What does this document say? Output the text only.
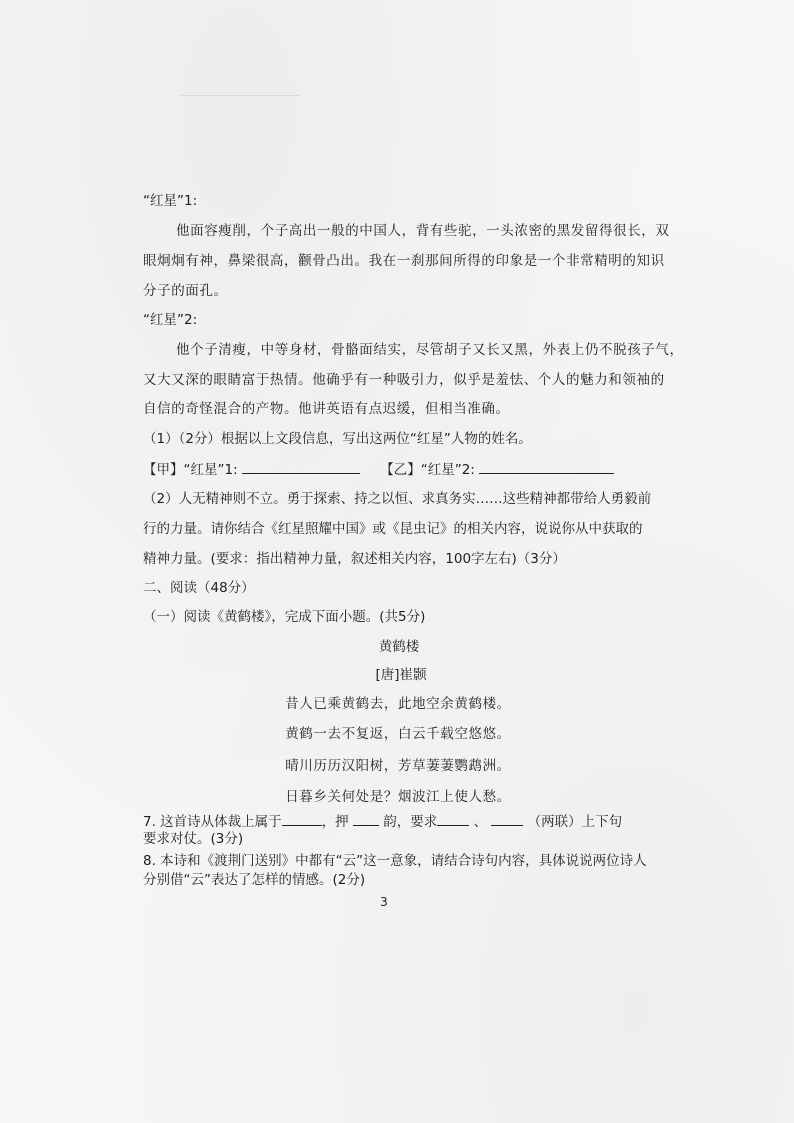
“红星”1:
他面容瘦削，个子高出一般的中国人，背有些驼，一头浓密的黑发留得很长，双
眼炯炯有神，鼻梁很高，颧骨凸出。我在一刹那间所得的印象是一个非常精明的知识
分子的面孔。
“红星”2:
他个子清瘦，中等身材，骨骼面结实，尽管胡子又长又黑，外表上仍不脱孩子气，
又大又深的眼睛富于热情。他确乎有一种吸引力，似乎是羞怯、个人的魅力和领袖的
自信的奇怪混合的产物。他讲英语有点迟缓，但相当准确。
（1）（2分）根据以上文段信息，写出这两位“红星”人物的姓名。
【甲】“红星”1:	【乙】“红星”2:
（2）人无精神则不立。勇于探索、持之以恒、求真务实……这些精神都带给人勇毅前
行的力量。请你结合《红星照耀中国》或《昆虫记》的相关内容，说说你从中获取的
精神力量。(要求：指出精神力量，叙述相关内容，100字左右)（3分）
二、阅读（48分）
（一）阅读《黄鹤楼》，完成下面小题。(共5分)
黄鹤楼
[唐]崔颢
昔人已乘黄鹤去，此地空余黄鹤楼。
黄鹤一去不复返，白云千载空悠悠。
晴川历历汉阳树，芳草萋萋鹦鹉洲。
日暮乡关何处是？烟波江上使人愁。
7. 这首诗从体裁上属于	，押	韵，要求	、	（两联）上下句
要求对仗。(3分)
8. 本诗和《渡荆门送别》中都有“云”这一意象，请结合诗句内容，具体说说两位诗人
分别借“云”表达了怎样的情感。(2分)
3
